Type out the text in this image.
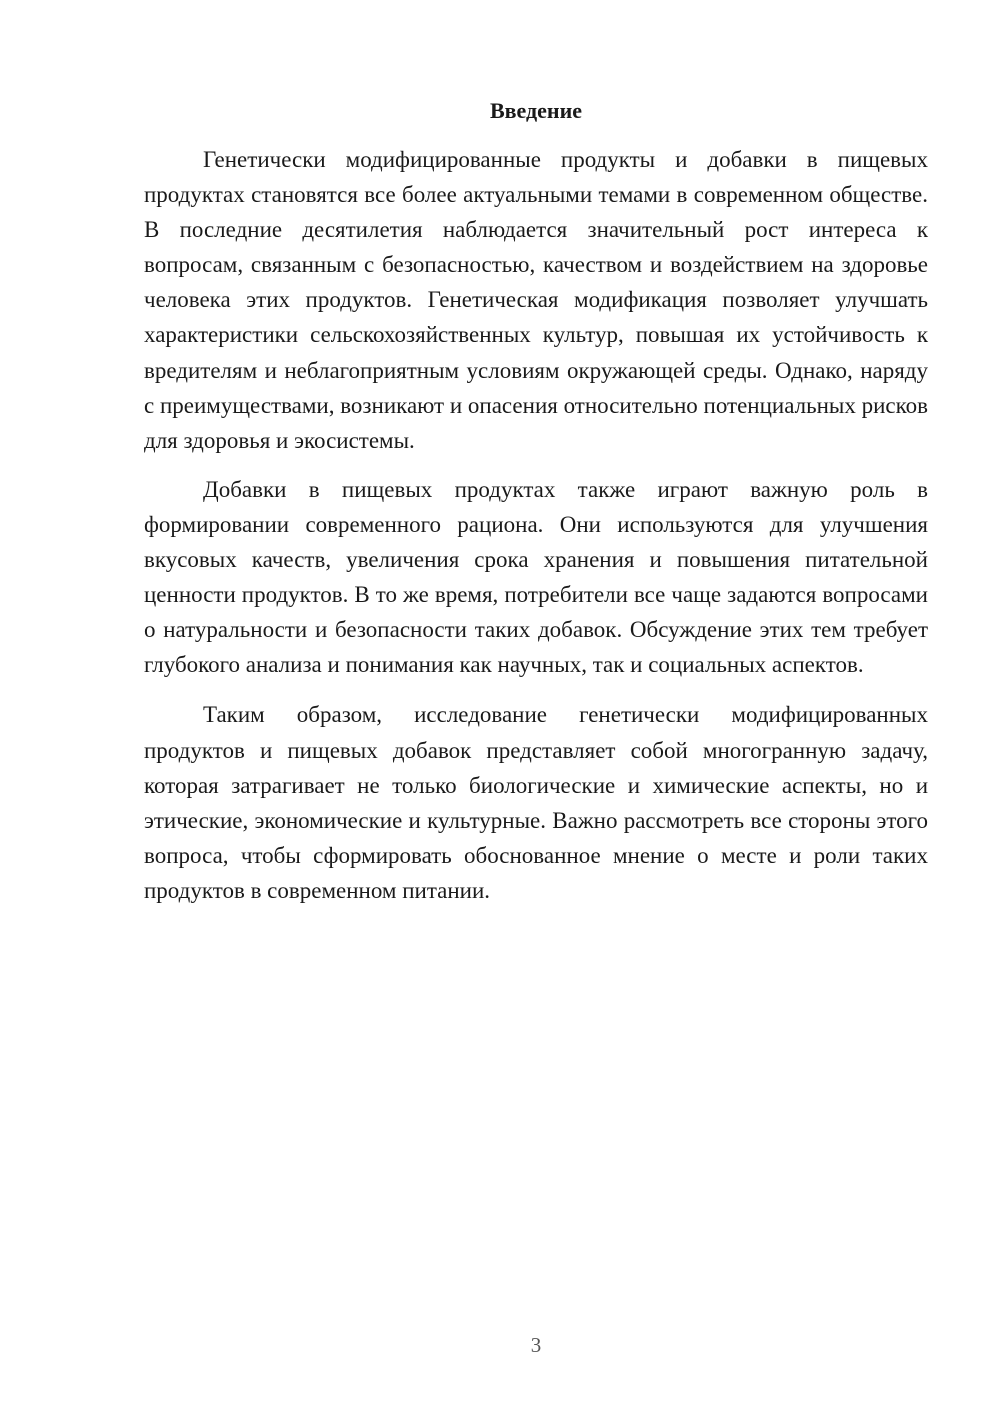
Введение

Генетически модифицированные продукты и добавки в пищевых продуктах становятся все более актуальными темами в современном обществе. В последние десятилетия наблюдается значительный рост интереса к вопросам, связанным с безопасностью, качеством и воздействием на здоровье человека этих продуктов. Генетическая модификация позволяет улучшать характеристики сельскохозяйственных культур, повышая их устойчивость к вредителям и неблагоприятным условиям окружающей среды. Однако, наряду с преимуществами, возникают и опасения относительно потенциальных рисков для здоровья и экосистемы.

Добавки в пищевых продуктах также играют важную роль в формировании современного рациона. Они используются для улучшения вкусовых качеств, увеличения срока хранения и повышения питательной ценности продуктов. В то же время, потребители все чаще задаются вопросами о натуральности и безопасности таких добавок. Обсуждение этих тем требует глубокого анализа и понимания как научных, так и социальных аспектов.

Таким образом, исследование генетически модифицированных продуктов и пищевых добавок представляет собой многогранную задачу, которая затрагивает не только биологические и химические аспекты, но и этические, экономические и культурные. Важно рассмотреть все стороны этого вопроса, чтобы сформировать обоснованное мнение о месте и роли таких продуктов в современном питании.

3
